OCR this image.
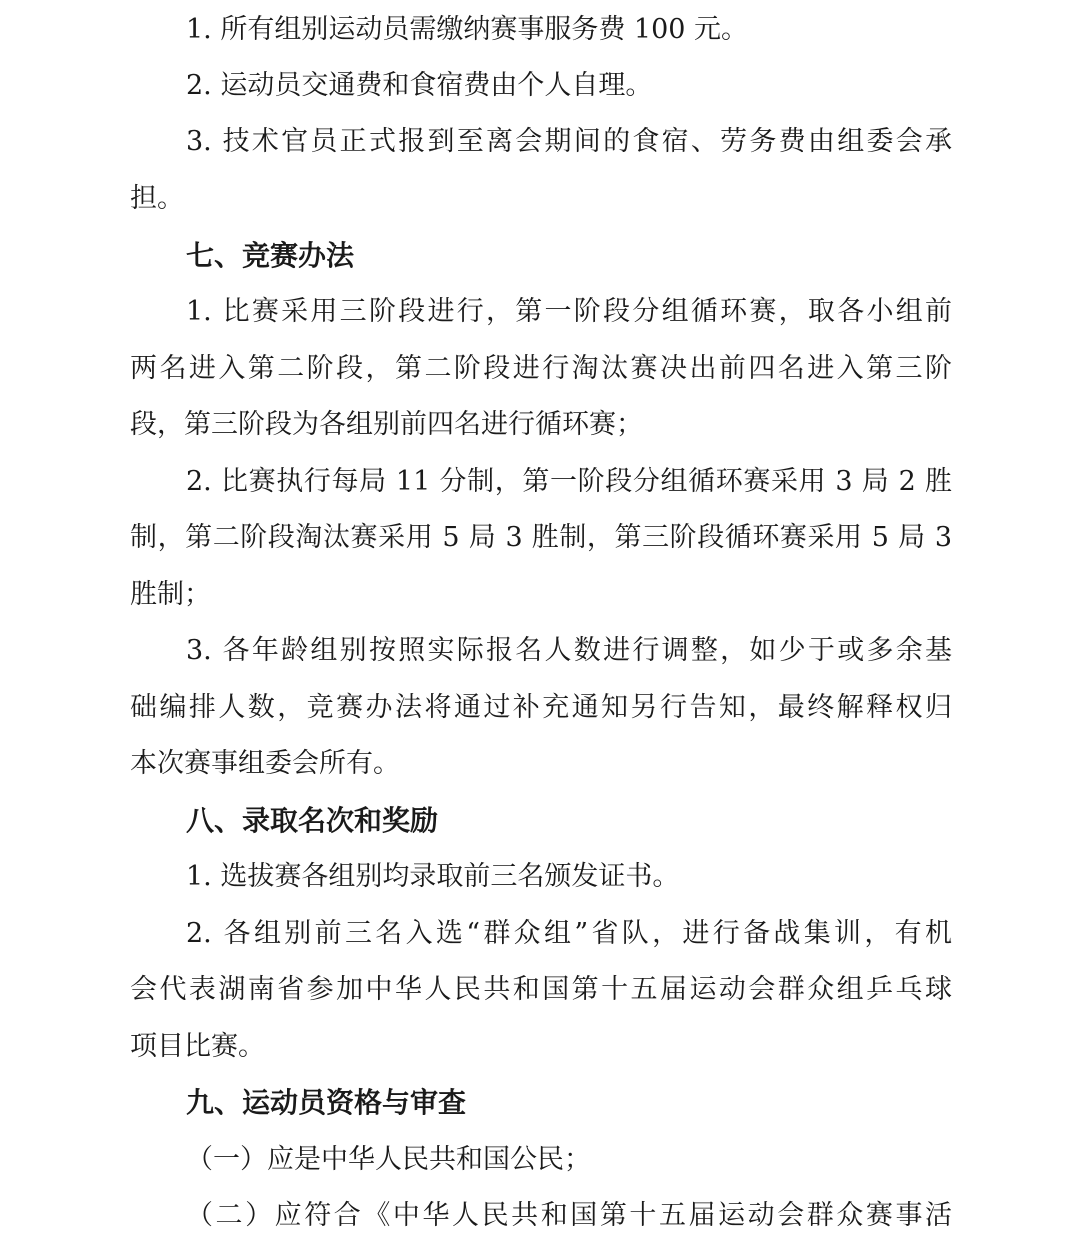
1. 所有组别运动员需缴纳赛事服务费 100 元。
2. 运动员交通费和食宿费由个人自理。
3. 技术官员正式报到至离会期间的食宿、劳务费由组委会承
担。
七、竞赛办法
1. 比赛采用三阶段进行，第一阶段分组循环赛，取各小组前
两名进入第二阶段，第二阶段进行淘汰赛决出前四名进入第三阶
段，第三阶段为各组别前四名进行循环赛；
2. 比赛执行每局 11 分制，第一阶段分组循环赛采用 3 局 2 胜
制，第二阶段淘汰赛采用 5 局 3 胜制，第三阶段循环赛采用 5 局 3
胜制；
3. 各年龄组别按照实际报名人数进行调整，如少于或多余基
础编排人数，竞赛办法将通过补充通知另行告知，最终解释权归
本次赛事组委会所有。
八、录取名次和奖励
1. 选拔赛各组别均录取前三名颁发证书。
2. 各组别前三名入选“群众组”省队，进行备战集训，有机
会代表湖南省参加中华人民共和国第十五届运动会群众组乒乓球
项目比赛。
九、运动员资格与审查
（一）应是中华人民共和国公民；
（二）应符合《中华人民共和国第十五届运动会群众赛事活
